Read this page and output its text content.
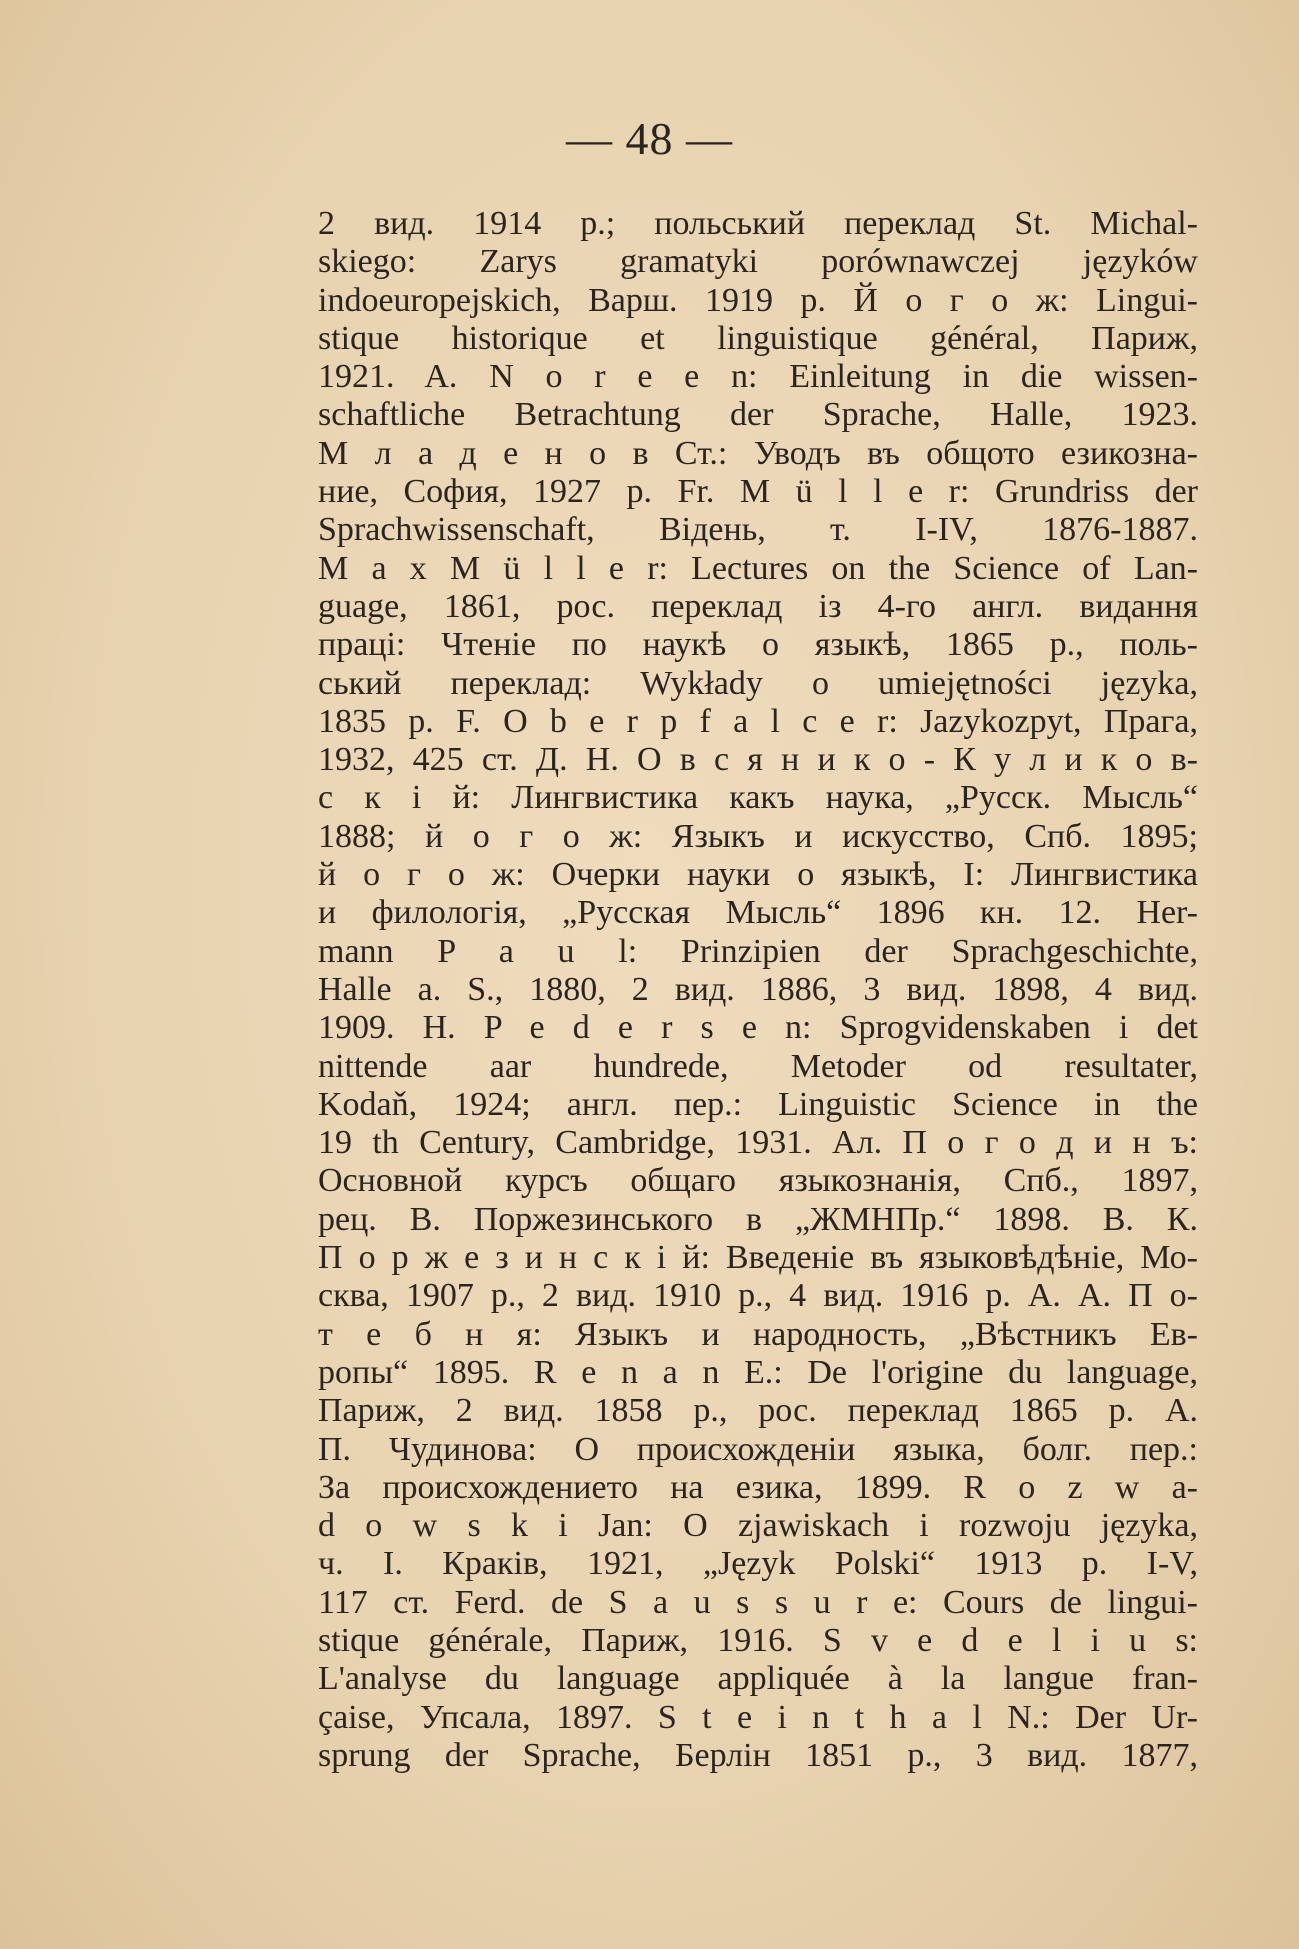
— 48 —
2 вид. 1914 р.; польський переклад St. Michal-
skiego: Zarys gramatyki porównawczej języków
indoeuropejskich, Варш. 1919 р. Й о г о ж: Lingui-
stique historique et linguistique général, Париж,
1921. A. N o r e e n: Einleitung in die wissen-
schaftliche Betrachtung der Sprache, Halle, 1923.
М л а д е н о в Ст.: Уводъ въ общото езикозна-
ние, София, 1927 р. Fr. M ü l l e r: Grundriss der
Sprachwissenschaft, Відень, т. I-IV, 1876-1887.
M a x M ü l l e r: Lectures on the Science of Lan-
guage, 1861, рос. переклад із 4-го англ. видання
праці: Чтеніе по наукѣ о языкѣ, 1865 р., поль-
ський переклад: Wykłady o umiejętności języka,
1835 р. F. O b e r p f a l c e r: Jazykozpyt, Прага,
1932, 425 ст. Д. Н. О в с я н и к о - К у л и к о в-
с к і й: Лингвистика какъ наука, „Русск. Мысль“
1888; й о г о ж: Языкъ и искусство, Спб. 1895;
й о г о ж: Очерки науки о языкѣ, I: Лингвистика
и филологія, „Русская Мысль“ 1896 кн. 12. Her-
mann P a u l: Prinzipien der Sprachgeschichte,
Halle a. S., 1880, 2 вид. 1886, 3 вид. 1898, 4 вид.
1909. H. P e d e r s e n: Sprogvidenskaben i det
nittende aar hundrede, Metoder od resultater,
Kodaň, 1924; англ. пер.: Linguistic Science in the
19 th Century, Cambridge, 1931. Ал. П о г о д и н ъ:
Основной курсъ общаго языкознанія, Спб., 1897,
рец. В. Поржезинського в „ЖМНПр.“ 1898. В. К.
П о р ж е з и н с к і й: Введеніе въ языковѣдѣніе, Мо-
сква, 1907 р., 2 вид. 1910 р., 4 вид. 1916 р. А. А. П о-
т е б н я: Языкъ и народность, „Вѣстникъ Ев-
ропы“ 1895. R e n a n E.: De l'origine du language,
Париж, 2 вид. 1858 р., рос. переклад 1865 р. А.
П. Чудинова: О происхожденіи языка, болг. пер.:
За происхождението на езика, 1899. R o z w a-
d o w s k i Jan: O zjawiskach i rozwoju języka,
ч. I. Краків, 1921, „Język Polski“ 1913 р. I-V,
117 ст. Ferd. de S a u s s u r e: Cours de lingui-
stique générale, Париж, 1916. S v e d e l i u s:
L'analyse du language appliquée à la langue fran-
çaise, Упсала, 1897. S t e i n t h a l N.: Der Ur-
sprung der Sprache, Берлін 1851 р., 3 вид. 1877,
